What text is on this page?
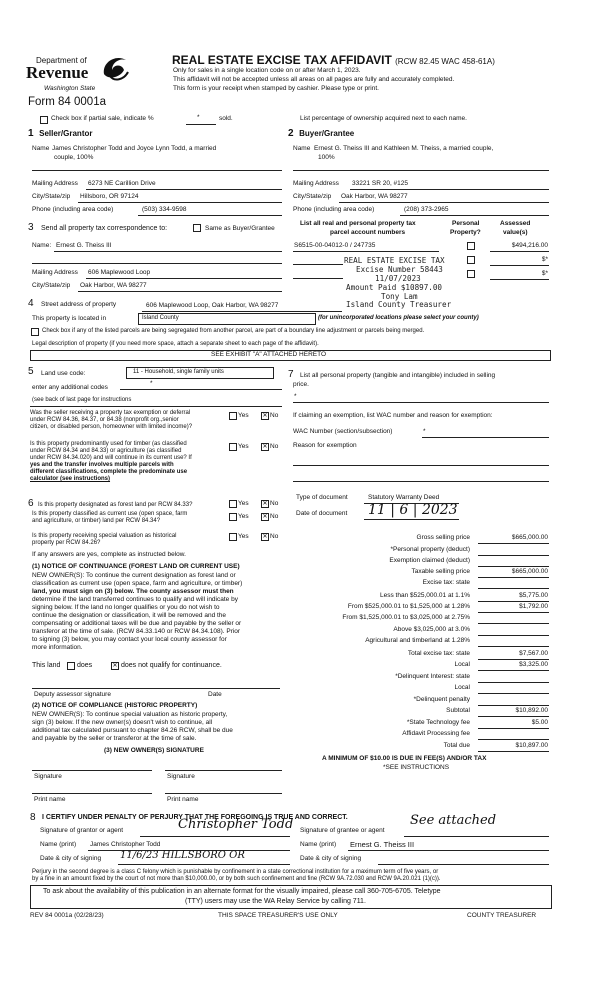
Department of
Revenue
Washington State
Form 84 0001a
REAL ESTATE EXCISE TAX AFFIDAVIT (RCW 82.45 WAC 458-61A)
Only for sales in a single location code on or after March 1, 2023.
This affidavit will not be accepted unless all areas on all pages are fully and accurately completed.
This form is your receipt when stamped by cashier. Please type or print.
Check box if partial sale, indicate %	*	sold.	List percentage of ownership acquired next to each name.
1 Seller/Grantor
Name James Christopher Todd and Joyce Lynn Todd, a married
couple, 100%
Mailing Address 6273 NE Carillion Drive
City/State/zip Hillsboro, OR 97124
Phone (including area code)	(503) 334-9598
2 Buyer/Grantee
Name Ernest G. Theiss III and Kathleen M. Theiss, a married couple,
100%
Mailing Address 33221 SR 20, #125
City/State/zip Oak Harbor, WA 98277
Phone (including area code)	(208) 373-2965
3 Send all property tax correspondence to:	Same as Buyer/Grantee
Name: Ernest G. Theiss III
Mailing Address 606 Maplewood Loop
City/State/zip Oak Harbor, WA 98277
List all real and personal property tax
parcel account numbers
Personal
Property?
Assessed
value(s)
S6515-00-04012-0 / 247735	$494,216.00
$*
$*
REAL ESTATE EXCISE TAX
Excise Number 58443
11/07/2023
Amount Paid $10897.00
Tony Lam
Island County Treasurer
4 Street address of property	606 Maplewood Loop, Oak Harbor, WA 98277
This property is located in	Island County	(for unincorporated locations please select your county)
Check box if any of the listed parcels are being segregated from another parcel, are part of a boundary line adjustment or parcels being merged.
Legal description of property (if you need more space, attach a separate sheet to each page of the affidavit).
SEE EXHIBIT "A" ATTACHED HERETO
5 Land use code:	11 - Household, single family units
enter any additional codes
*
(see back of last page for instructions
Was the seller receiving a property tax exemption or deferral
under RCW 84.36, 84.37, or 84.38 (nonprofit org.,senior
citizen, or disabled person, homeowner with limited income)?
Yes ✕ No
Is this property predominantly used for timber (as classified
under RCW 84.34 and 84.33) or agriculture (as classified
under RCW 84.34.020) and will continue in its current use? If
yes and the transfer involves multiple parcels with
different classifications, complete the predominate use
calculator (see instructions)
Yes ✕ No
7 List all personal property (tangible and intangible) included in selling
price.
*
If claiming an exemption, list WAC number and reason for exemption:
WAC Number (section/subsection)	*
Reason for exemption
6 Is this property designated as forest land per RCW 84.33?	Yes ✕ No
Is this property classified as current use (open space, farm
and agriculture, or timber) land per RCW 84.34?
Yes ✕ No
Is this property receiving special valuation as historical
property per RCW 84.26?
Yes ✕ No
If any answers are yes, complete as instructed below.
(1) NOTICE OF CONTINUANCE (FOREST LAND OR CURRENT USE)
NEW OWNER(S): To continue the current designation as forest land or
classification as current use (open space, farm and agriculture, or timber)
land, you must sign on (3) below. The county assessor must then
determine if the land transferred continues to qualify and will indicate by
signing below. If the land no longer qualifies or you do not wish to
continue the designation or classification, it will be removed and the
compensating or additional taxes will be due and payable by the seller or
transferor at the time of sale. (RCW 84.33.140 or RCW 84.34.108). Prior
to signing (3) below, you may contact your local county assessor for
more information.
This land does	✕ does not qualify for continuance.
Deputy assessor signature	Date
(2) NOTICE OF COMPLIANCE (HISTORIC PROPERTY)
NEW OWNER(S): To continue special valuation as historic property,
sign (3) below. If the new owner(s) doesn't wish to continue, all
additional tax calculated pursuant to chapter 84.26 RCW, shall be due
and payable by the seller or transferor at the time of sale.
(3) NEW OWNER(S) SIGNATURE
Signature	Signature
Print name	Print name
Type of document	Statutory Warranty Deed
Date of document 11 | 6 | 2023
Gross selling price	$665,000.00
*Personal property (deduct)
Exemption claimed (deduct)
Taxable selling price	$665,000.00
Excise tax: state
Less than $525,000.01 at 1.1%	$5,775.00
From $525,000.01 to $1,525,000 at 1.28%	$1,792.00
From $1,525,000.01 to $3,025,000 at 2.75%
Above $3,025,000 at 3.0%
Agricultural and timberland at 1.28%
Total excise tax: state	$7,567.00
Local	$3,325.00
*Delinquent Interest: state
Local
*Delinquent penalty
Subtotal	$10,892.00
*State Technology fee	$5.00
Affidavit Processing fee
Total due	$10,897.00
A MINIMUM OF $10.00 IS DUE IN FEE(S) AND/OR TAX
*SEE INSTRUCTIONS
8 I CERTIFY UNDER PENALTY OF PERJURY THAT THE FOREGOING IS TRUE AND CORRECT.
Signature of grantor or agent	Christopher Todd
Name (print) James Christopher Todd
Date & city of signing 11/6/23 HILLSBORO OR
Signature of grantee or agent
See attached
Name (print) Ernest G. Theiss III
Date & city of signing
Perjury in the second degree is a class C felony which is punishable by confinement in a state correctional institution for a maximum term of five years, or
by a fine in an amount fixed by the court of not more than $10,000.00, or by both such confinement and fine (RCW 9A.72.030 and RCW 9A.20.021 (1)(c)).
To ask about the availability of this publication in an alternate format for the visually impaired, please call 360-705-6705. Teletype
(TTY) users may use the WA Relay Service by calling 711.
REV 84 0001a (02/28/23)	THIS SPACE TREASURER'S USE ONLY	COUNTY TREASURER
